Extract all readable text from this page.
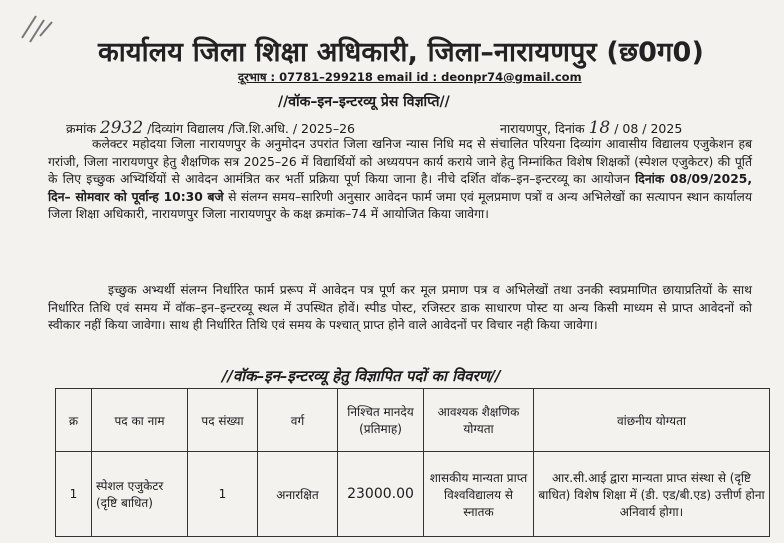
कार्यालय जिला शिक्षा अधिकारी, जिला–नारायणपुर (छ0ग0)
दूरभाष : 07781–299218 email id : deonpr74@gmail.com
//वॉक–इन–इन्टरव्यू प्रेस विज्ञप्ति//
क्रमांक 2932 /दिव्यांग विद्यालय /जि.शि.अधि. / 2025–26	नारायणपुर, दिनांक 18 / 08 / 2025
कलेक्टर महोदया जिला नारायणपुर के अनुमोदन उपरांत जिला खनिज न्यास निधि मद से संचालित परियना दिव्यांग आवासीय विद्यालय एजुकेशन हब गरांजी, जिला नारायणपुर हेतु शैक्षणिक सत्र 2025–26 में विद्यार्थियों को अध्ययपन कार्य कराये जाने हेतु निम्नांकित विशेष शिक्षकों (स्पेशल एजुकेटर) की पूर्ति के लिए इच्छुक अभ्यिर्थियों से आवेदन आमंत्रित कर भर्ती प्रक्रिया पूर्ण किया जाना है। नीचे दर्शित वॉक–इन–इन्टरव्यू का आयोजन दिनांक 08/09/2025, दिन– सोमवार को पूर्वान्ह 10:30 बजे से संलग्न समय–सारिणी अनुसार आवेदन फार्म जमा एवं मूलप्रमाण पत्रों व अन्य अभिलेखों का सत्यापन स्थान कार्यालय जिला शिक्षा अधिकारी, नारायणपुर जिला नारायणपुर के कक्ष क्रमांक–74 में आयोजित किया जावेगा।
इच्छुक अभ्यर्थी संलग्न निर्धारित फार्म प्ररूप में आवेदन पत्र पूर्ण कर मूल प्रमाण पत्र व अभिलेखों तथा उनकी स्वप्रमाणित छायाप्रतियों के साथ निर्धारित तिथि एवं समय में वॉक–इन–इन्टरव्यू स्थल में उपस्थित होवें। स्पीड पोस्ट, रजिस्टर डाक साधारण पोस्ट या अन्य किसी माध्यम से प्राप्त आवेदनों को स्वीकार नहीं किया जावेगा। साथ ही निर्धारित तिथि एवं समय के पश्चात् प्राप्त होने वाले आवेदनों पर विचार नही किया जावेगा।
//वॉक–इन–इन्टरव्यू हेतु विज्ञापित पदों का विवरण//
क्र	पद का नाम	पद संख्या	वर्ग	निश्चित मानदेय (प्रतिमाह)	आवश्यक शैक्षणिक योग्यता	वांछनीय योग्यता
1	स्पेशल एजुकेटर (दृष्टि बाधित)	1	अनारक्षित	23000.00	शासकीय मान्यता प्राप्त विश्वविद्यालय से स्नातक	आर.सी.आई द्वारा मान्यता प्राप्त संस्था से (दृष्टि बाधित) विशेष शिक्षा में (डी. एड/बी.एड) उत्तीर्ण होना अनिवार्य होगा।
